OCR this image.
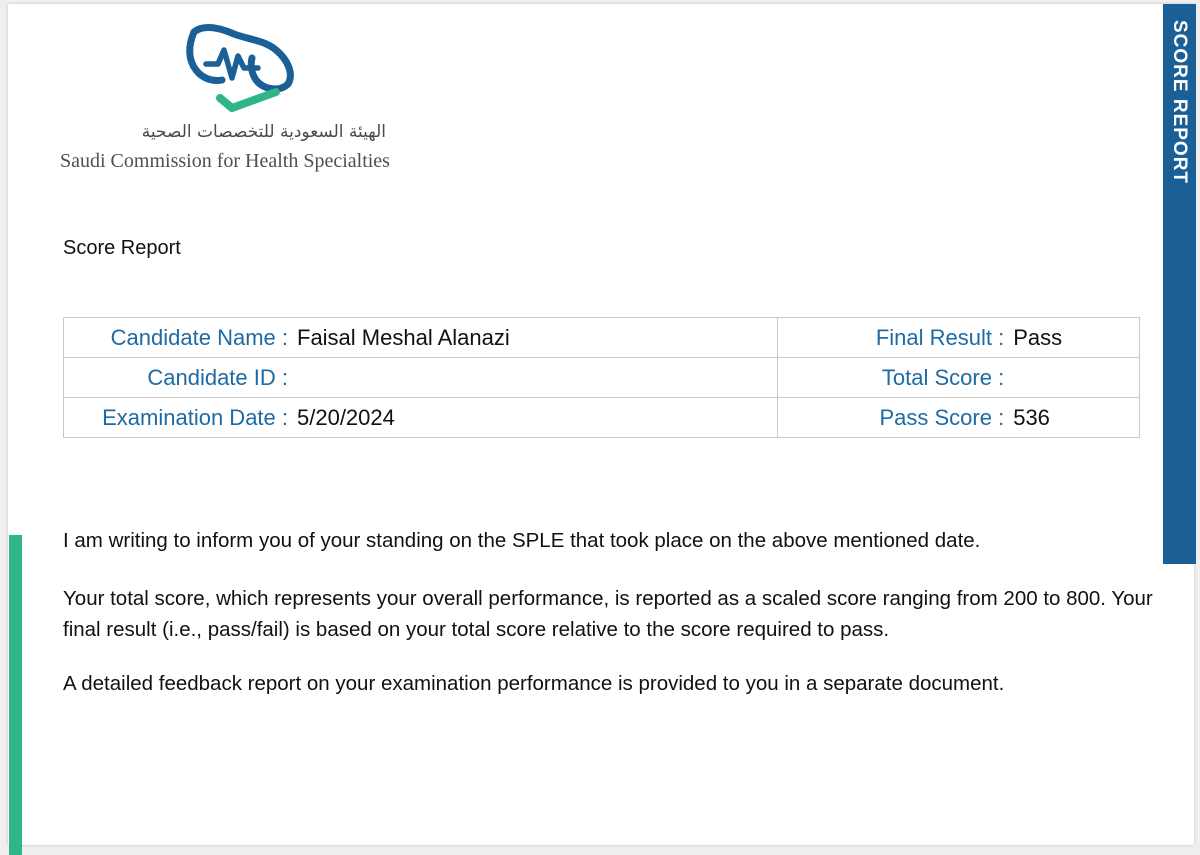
SCORE REPORT
الهيئة السعودية للتخصصات الصحية
Saudi Commission for Health Specialties
Score Report
Candidate Name : Faisal Meshal Alanazi	Final Result : Pass
Candidate ID :	Total Score :
Examination Date : 5/20/2024	Pass Score : 536

I am writing to inform you of your standing on the SPLE that took place on the above mentioned date.

Your total score, which represents your overall performance, is reported as a scaled score ranging from 200 to 800. Your final result (i.e., pass/fail) is based on your total score relative to the score required to pass.

A detailed feedback report on your examination performance is provided to you in a separate document.
